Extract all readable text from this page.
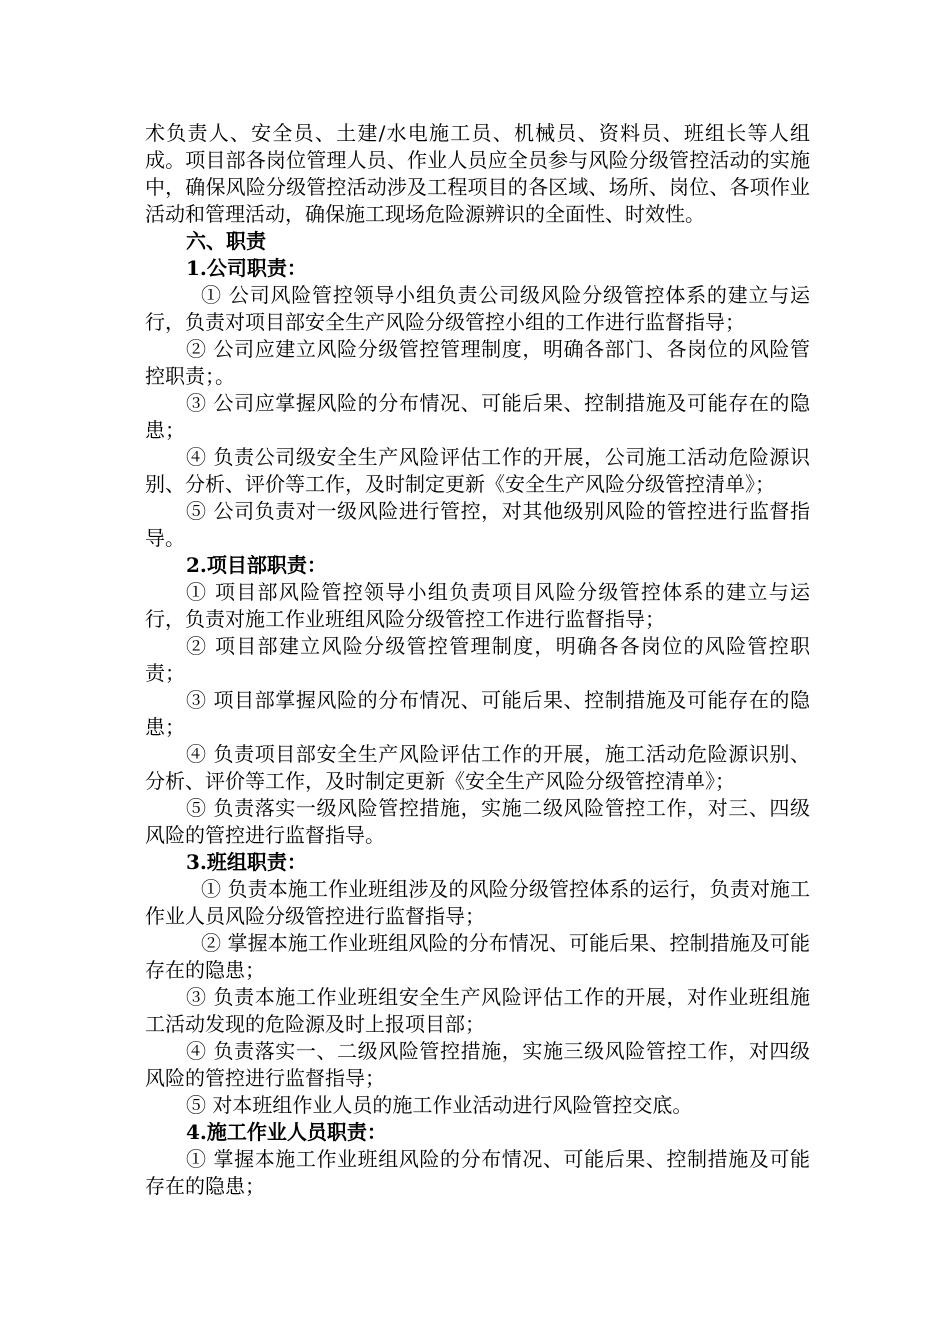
术负责人、安全员、土建/水电施工员、机械员、资料员、班组长等人组成。项目部各岗位管理人员、作业人员应全员参与风险分级管控活动的实施中，确保风险分级管控活动涉及工程项目的各区域、场所、岗位、各项作业活动和管理活动，确保施工现场危险源辨识的全面性、时效性。

六、职责

1.公司职责：

① 公司风险管控领导小组负责公司级风险分级管控体系的建立与运行，负责对项目部安全生产风险分级管控小组的工作进行监督指导；

② 公司应建立风险分级管控管理制度，明确各部门、各岗位的风险管控职责；。

③ 公司应掌握风险的分布情况、可能后果、控制措施及可能存在的隐患；

④ 负责公司级安全生产风险评估工作的开展，公司施工活动危险源识别、分析、评价等工作，及时制定更新《安全生产风险分级管控清单》；

⑤ 公司负责对一级风险进行管控，对其他级别风险的管控进行监督指导。

2.项目部职责：

① 项目部风险管控领导小组负责项目风险分级管控体系的建立与运行，负责对施工作业班组风险分级管控工作进行监督指导；

② 项目部建立风险分级管控管理制度，明确各各岗位的风险管控职责；

③ 项目部掌握风险的分布情况、可能后果、控制措施及可能存在的隐患；

④ 负责项目部安全生产风险评估工作的开展，施工活动危险源识别、分析、评价等工作，及时制定更新《安全生产风险分级管控清单》；

⑤ 负责落实一级风险管控措施，实施二级风险管控工作，对三、四级风险的管控进行监督指导。

3.班组职责：

① 负责本施工作业班组涉及的风险分级管控体系的运行，负责对施工作业人员风险分级管控进行监督指导；

② 掌握本施工作业班组风险的分布情况、可能后果、控制措施及可能存在的隐患；

③ 负责本施工作业班组安全生产风险评估工作的开展，对作业班组施工活动发现的危险源及时上报项目部；

④ 负责落实一、二级风险管控措施，实施三级风险管控工作，对四级风险的管控进行监督指导；

⑤ 对本班组作业人员的施工作业活动进行风险管控交底。

4.施工作业人员职责：

① 掌握本施工作业班组风险的分布情况、可能后果、控制措施及可能存在的隐患；
